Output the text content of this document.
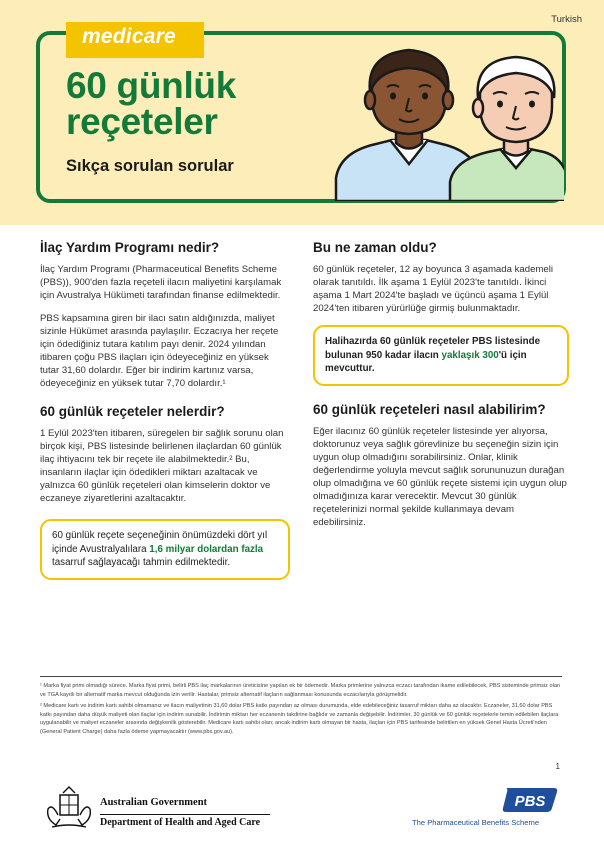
Turkish
medicare
60 günlük
reçeteler
Sıkça sorulan sorular
İlaç Yardım Programı nedir?

İlaç Yardım Programı (Pharmaceutical Benefits Scheme (PBS)), 900'den fazla reçeteli ilacın maliyetini karşılamak için Avustralya Hükümeti tarafından finanse edilmektedir.

PBS kapsamına giren bir ilacı satın aldığınızda, maliyet sizinle Hükümet arasında paylaşılır. Eczacıya her reçete için ödediğiniz tutara katılım payı denir. 2024 yılından itibaren çoğu PBS ilaçları için ödeyeceğiniz en yüksek tutar 31,60 dolardır. Eğer bir indirim kartınız varsa, ödeyeceğiniz en yüksek tutar 7,70 dolardır.¹

60 günlük reçeteler nelerdir?

1 Eylül 2023'ten itibaren, süregelen bir sağlık sorunu olan birçok kişi, PBS listesinde belirlenen ilaçlardan 60 günlük ilaç ihtiyacını tek bir reçete ile alabilmektedir.² Bu, insanların ilaçlar için ödedikleri miktarı azaltacak ve yalnızca 60 günlük reçeteleri olan kimselerin doktor ve eczaneye ziyaretlerini azaltacaktır.

60 günlük reçete seçeneğinin önümüzdeki dört yıl içinde Avustralyalılara 1,6 milyar dolardan fazla tasarruf sağlayacağı tahmin edilmektedir.
Bu ne zaman oldu?

60 günlük reçeteler, 12 ay boyunca 3 aşamada kademeli olarak tanıtıldı. İlk aşama 1 Eylül 2023'te tanıtıldı. İkinci aşama 1 Mart 2024'te başladı ve üçüncü aşama 1 Eylül 2024'ten itibaren yürürlüğe girmiş bulunmaktadır.

Halihazırda 60 günlük reçeteler PBS listesinde bulunan 950 kadar ilacın yaklaşık 300'ü için mevcuttur.
60 günlük reçeteleri nasıl alabilirim?

Eğer ilacınız 60 günlük reçeteler listesinde yer alıyorsa, doktorunuz veya sağlık görevlinize bu seçeneğin sizin için uygun olup olmadığını sorabilirsiniz. Onlar, klinik değerlendirme yoluyla mevcut sağlık sorununuzun durağan olup olmadığına ve 60 günlük reçete sistemi için uygun olup olmadığınıza karar verecektir. Mevcut 30 günlük reçetelerinizi normal şekilde kullanmaya devam edebilirsiniz.

¹ Marka fiyat primi olmadığı sürece. Marka fiyat primi, belirli PBS ilaç markalarının üreticisine yapılan ek bir ödemedir. Marka primlerine yalnızca eczacı tarafından ikame edilebilecek, PBS sisteminde primsiz olan ve TGA kayıtlı bir alternatif marka mevcut olduğunda izin verilir. Hastalar, primsiz alternatif ilaçların sağlanması konusunda eczacılarıyla görüşmelidir.

² Medicare kartı ve indirim kartı sahibi olmamanız ve ilacın maliyetinin 31,60 dolar PBS katkı payından az olması durumunda, elde edebileceğiniz tasarruf miktarı daha az olacaktır. Eczaneler, 31,60 dolar PBS katkı payından daha düşük maliyeti olan ilaçlar için indirim sunabilir. İndirimin miktarı her eczanenin takdirine bağlıdır ve zamanla değişebilir. İndirimler, 30 günlük ve 60 günlük reçetelerle temin edilebilen ilaçlara uygulanabilir ve maliyet eczaneler arasında değişkenlik gösterebilir. Medicare kartı sahibi olan; ancak indirim kartı olmayan bir hasta, ilaçları için PBS tarifesinde belirtilen en yüksek Genel Hasta Ücreti'nden (General Patient Charge) daha fazla ödeme yapmayacaktır (www.pbs.gov.au).

1
Australian Government
Department of Health and Aged Care
PBS
The Pharmaceutical Benefits Scheme
